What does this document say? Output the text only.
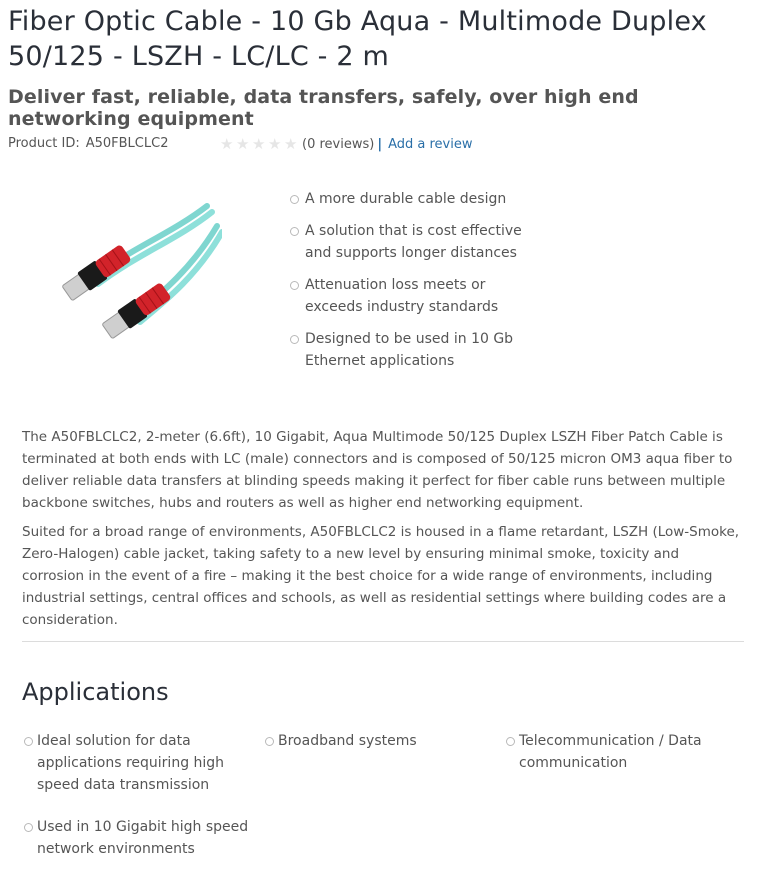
Fiber Optic Cable - 10 Gb Aqua - Multimode Duplex 50/125 - LSZH - LC/LC - 2 m
Deliver fast, reliable, data transfers, safely, over high end networking equipment
Product ID: A50FBLCLC2	★ ★ ★ ★ ★ (0 reviews) | Add a review
A more durable cable design
A solution that is cost effective and supports longer distances
Attenuation loss meets or exceeds industry standards
Designed to be used in 10 Gb Ethernet applications

The A50FBLCLC2, 2-meter (6.6ft), 10 Gigabit, Aqua Multimode 50/125 Duplex LSZH Fiber Patch Cable is terminated at both ends with LC (male) connectors and is composed of 50/125 micron OM3 aqua fiber to deliver reliable data transfers at blinding speeds making it perfect for fiber cable runs between multiple backbone switches, hubs and routers as well as higher end networking equipment.

Suited for a broad range of environments, A50FBLCLC2 is housed in a flame retardant, LSZH (Low-Smoke, Zero-Halogen) cable jacket, taking safety to a new level by ensuring minimal smoke, toxicity and corrosion in the event of a fire – making it the best choice for a wide range of environments, including industrial settings, central offices and schools, as well as residential settings where building codes are a consideration.

Applications
Ideal solution for data applications requiring high speed data transmission
Broadband systems	Telecommunication / Data communication
Used in 10 Gigabit high speed network environments
